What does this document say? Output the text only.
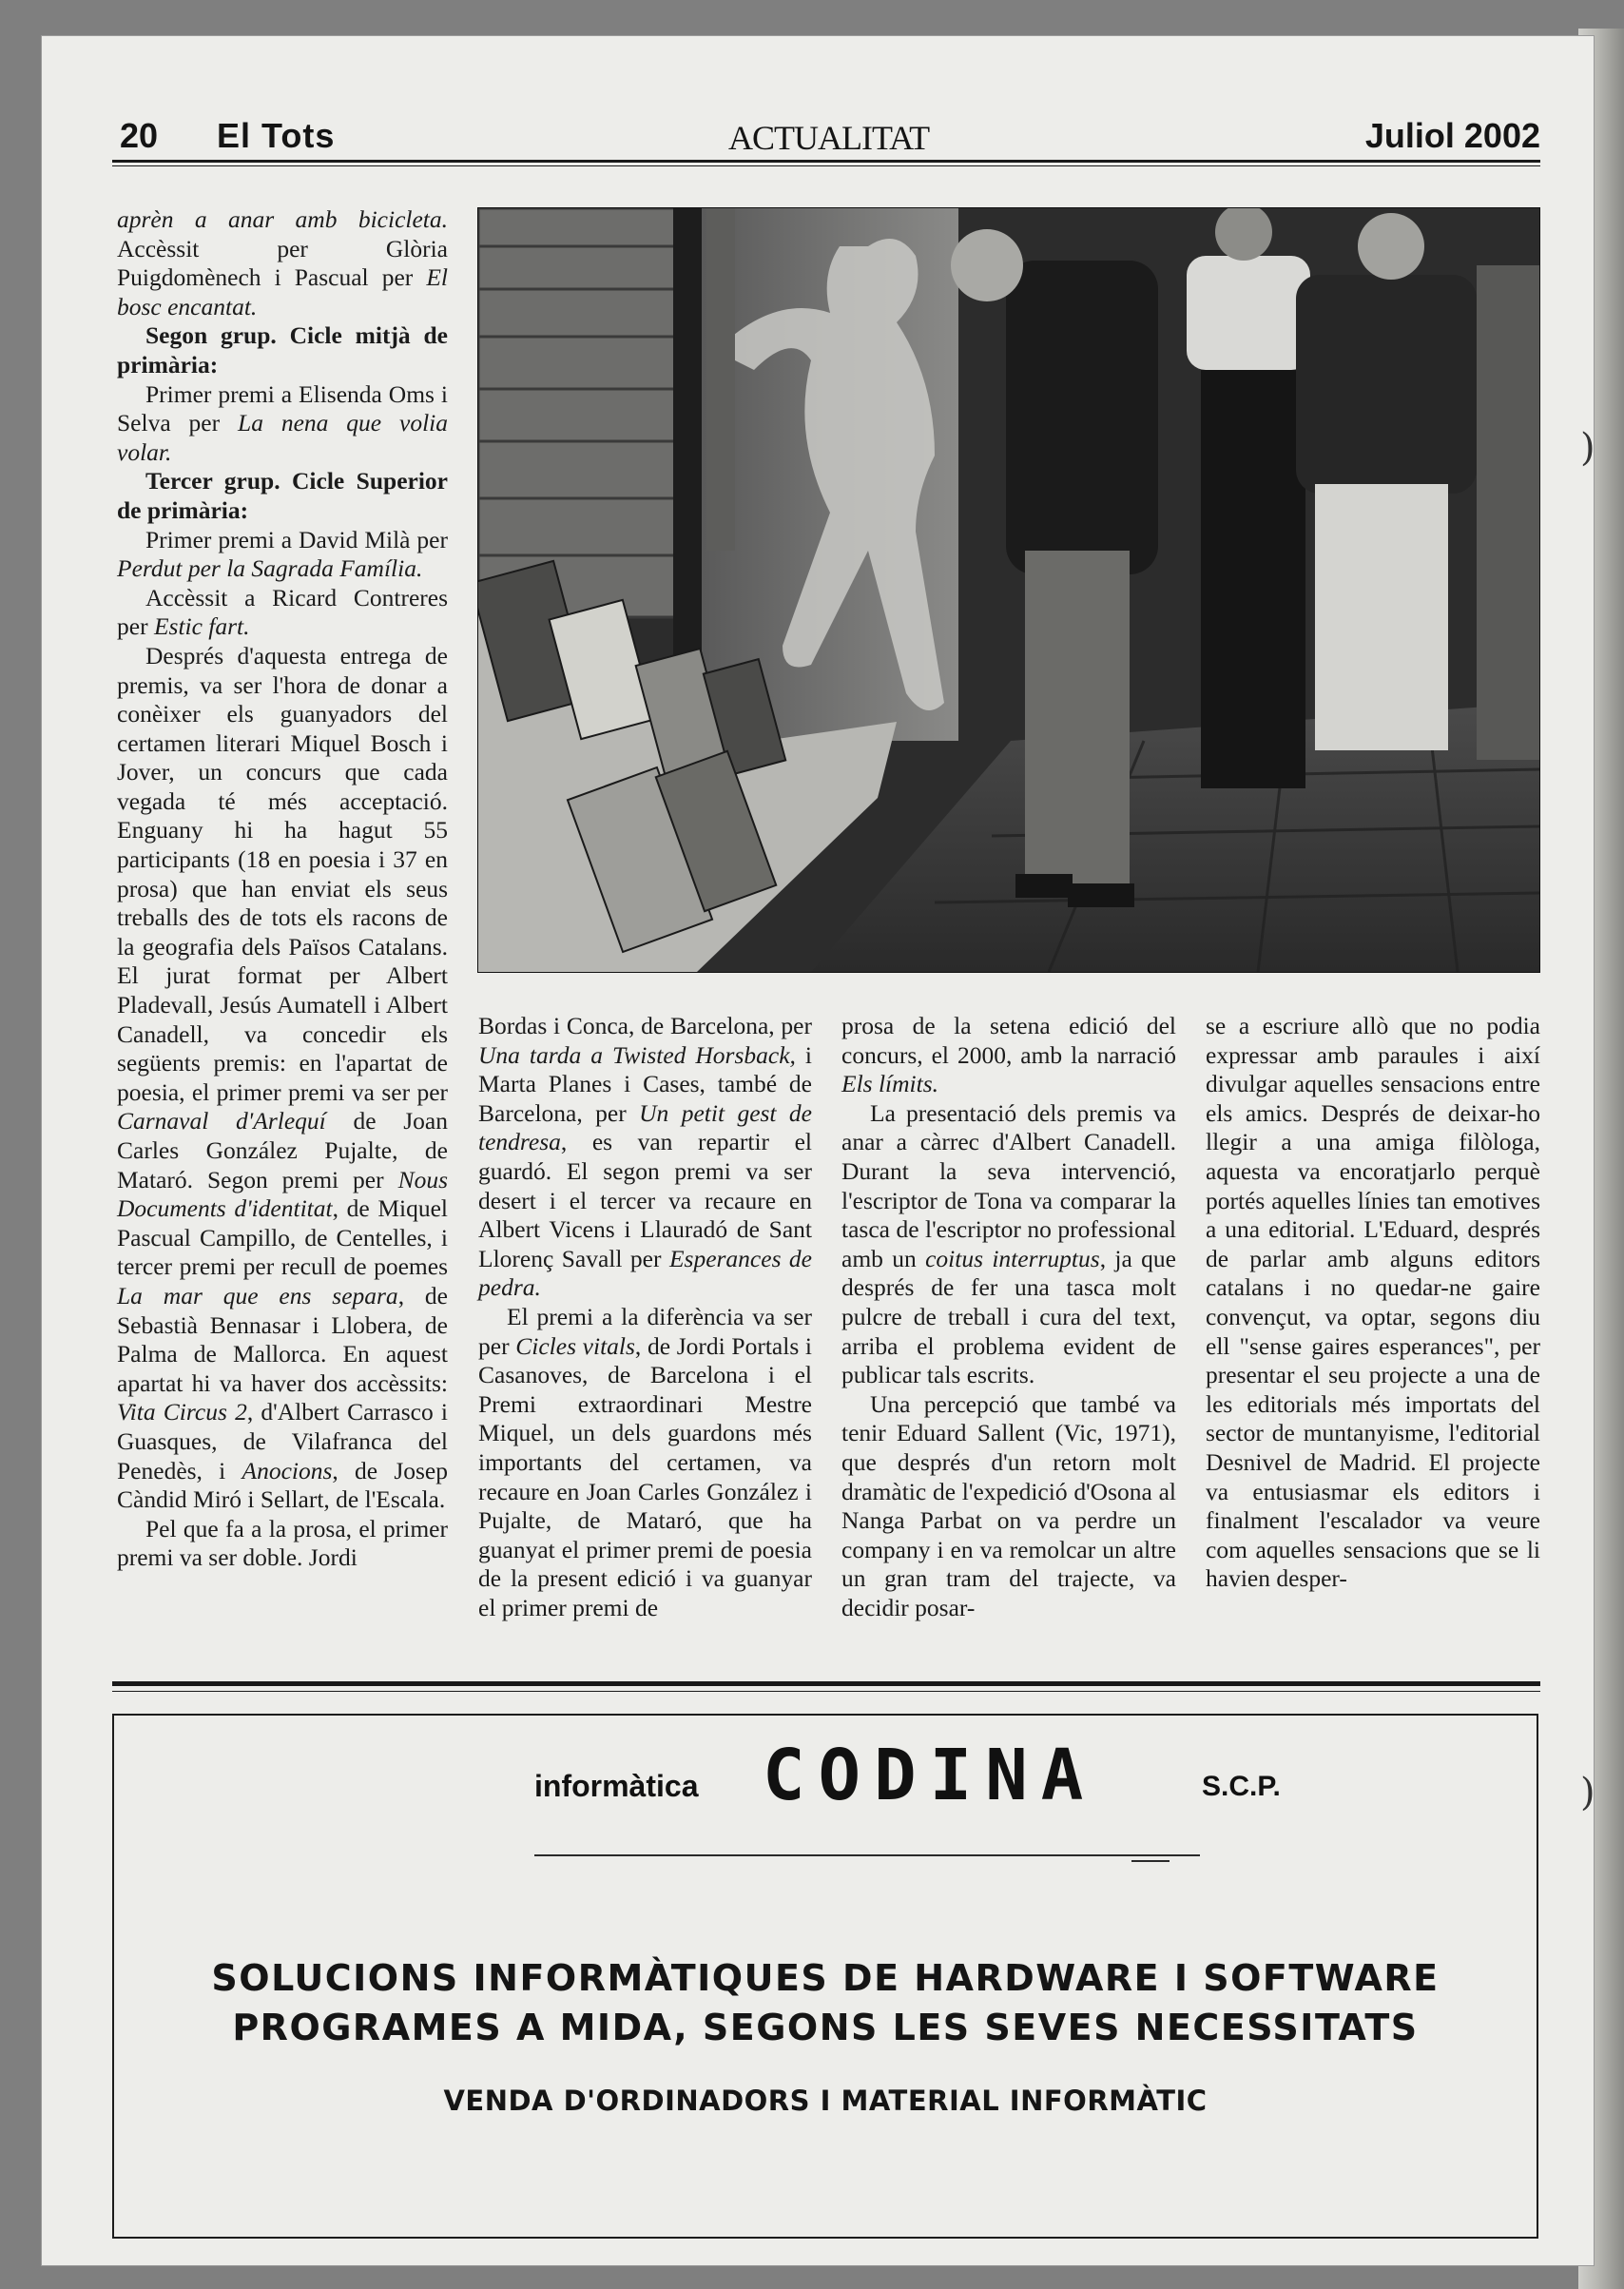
20 El Tots	ACTUALITAT	Juliol 2002

aprèn a anar amb bicicleta. Accèssit per Glòria Puigdomènech i Pascual per El bosc encantat.

Segon grup. Cicle mitjà de primària:

Primer premi a Elisenda Oms i Selva per La nena que volia volar.

Tercer grup. Cicle Superior de primària:

Primer premi a David Milà per Perdut per la Sagrada Família.

Accèssit a Ricard Contreres per Estic fart.

Després d'aquesta entrega de premis, va ser l'hora de donar a conèixer els guanyadors del certamen literari Miquel Bosch i Jover, un concurs que cada vegada té més acceptació. Enguany hi ha hagut 55 participants (18 en poesia i 37 en prosa) que han enviat els seus treballs des de tots els racons de la geografia dels Països Catalans. El jurat format per Albert Pladevall, Jesús Aumatell i Albert Canadell, va concedir els següents premis: en l'apartat de poesia, el primer premi va ser per Carnaval d'Arlequí de Joan Carles González Pujalte, de Mataró. Segon premi per Nous Documents d'identitat, de Miquel Pascual Campillo, de Centelles, i tercer premi per recull de poemes La mar que ens separa, de Sebastià Bennasar i Llobera, de Palma de Mallorca. En aquest apartat hi va haver dos accèssits: Vita Circus 2, d'Albert Carrasco i Guasques, de Vilafranca del Penedès, i Anocions, de Josep Càndid Miró i Sellart, de l'Escala.

Pel que fa a la prosa, el primer premi va ser doble. Jordi

Bordas i Conca, de Barcelona, per Una tarda a Twisted Horsback, i Marta Planes i Cases, també de Barcelona, per Un petit gest de tendresa, es van repartir el guardó. El segon premi va ser desert i el tercer va recaure en Albert Vicens i Llauradó de Sant Llorenç Savall per Esperances de pedra.

El premi a la diferència va ser per Cicles vitals, de Jordi Portals i Casanoves, de Barcelona i el Premi extraordinari Mestre Miquel, un dels guardons més importants del certamen, va recaure en Joan Carles González i Pujalte, de Mataró, que ha guanyat el primer premi de poesia de la present edició i va guanyar el primer premi de

prosa de la setena edició del concurs, el 2000, amb la narració Els límits.

La presentació dels premis va anar a càrrec d'Albert Canadell. Durant la seva intervenció, l'escriptor de Tona va comparar la tasca de l'escriptor no professional amb un coitus interruptus, ja que després de fer una tasca molt pulcre de treball i cura del text, arriba el problema evident de publicar tals escrits.

Una percepció que també va tenir Eduard Sallent (Vic, 1971), que després d'un retorn molt dramàtic de l'expedició d'Osona al Nanga Parbat on va perdre un company i en va remolcar un altre un gran tram del trajecte, va decidir posar-

se a escriure allò que no podia expressar amb paraules i així divulgar aquelles sensacions entre els amics. Després de deixar-ho llegir a una amiga filòloga, aquesta va encoratjarlo perquè portés aquelles línies tan emotives a una editorial. L'Eduard, després de parlar amb alguns editors catalans i no quedar-ne gaire convençut, va optar, segons diu ell "sense gaires esperances", per presentar el seu projecte a una de les editorials més importats del sector de muntanyisme, l'editorial Desnivel de Madrid. El projecte va entusiasmar els editors i finalment l'escalador va veure com aquelles sensacions que se li havien desper-

informàtica CODINA	S.C.P.
SOLUCIONS INFORMÀTIQUES DE HARDWARE I SOFTWARE
PROGRAMES A MIDA, SEGONS LES SEVES NECESSITATS
VENDA D'ORDINADORS I MATERIAL INFORMÀTIC
)
)
